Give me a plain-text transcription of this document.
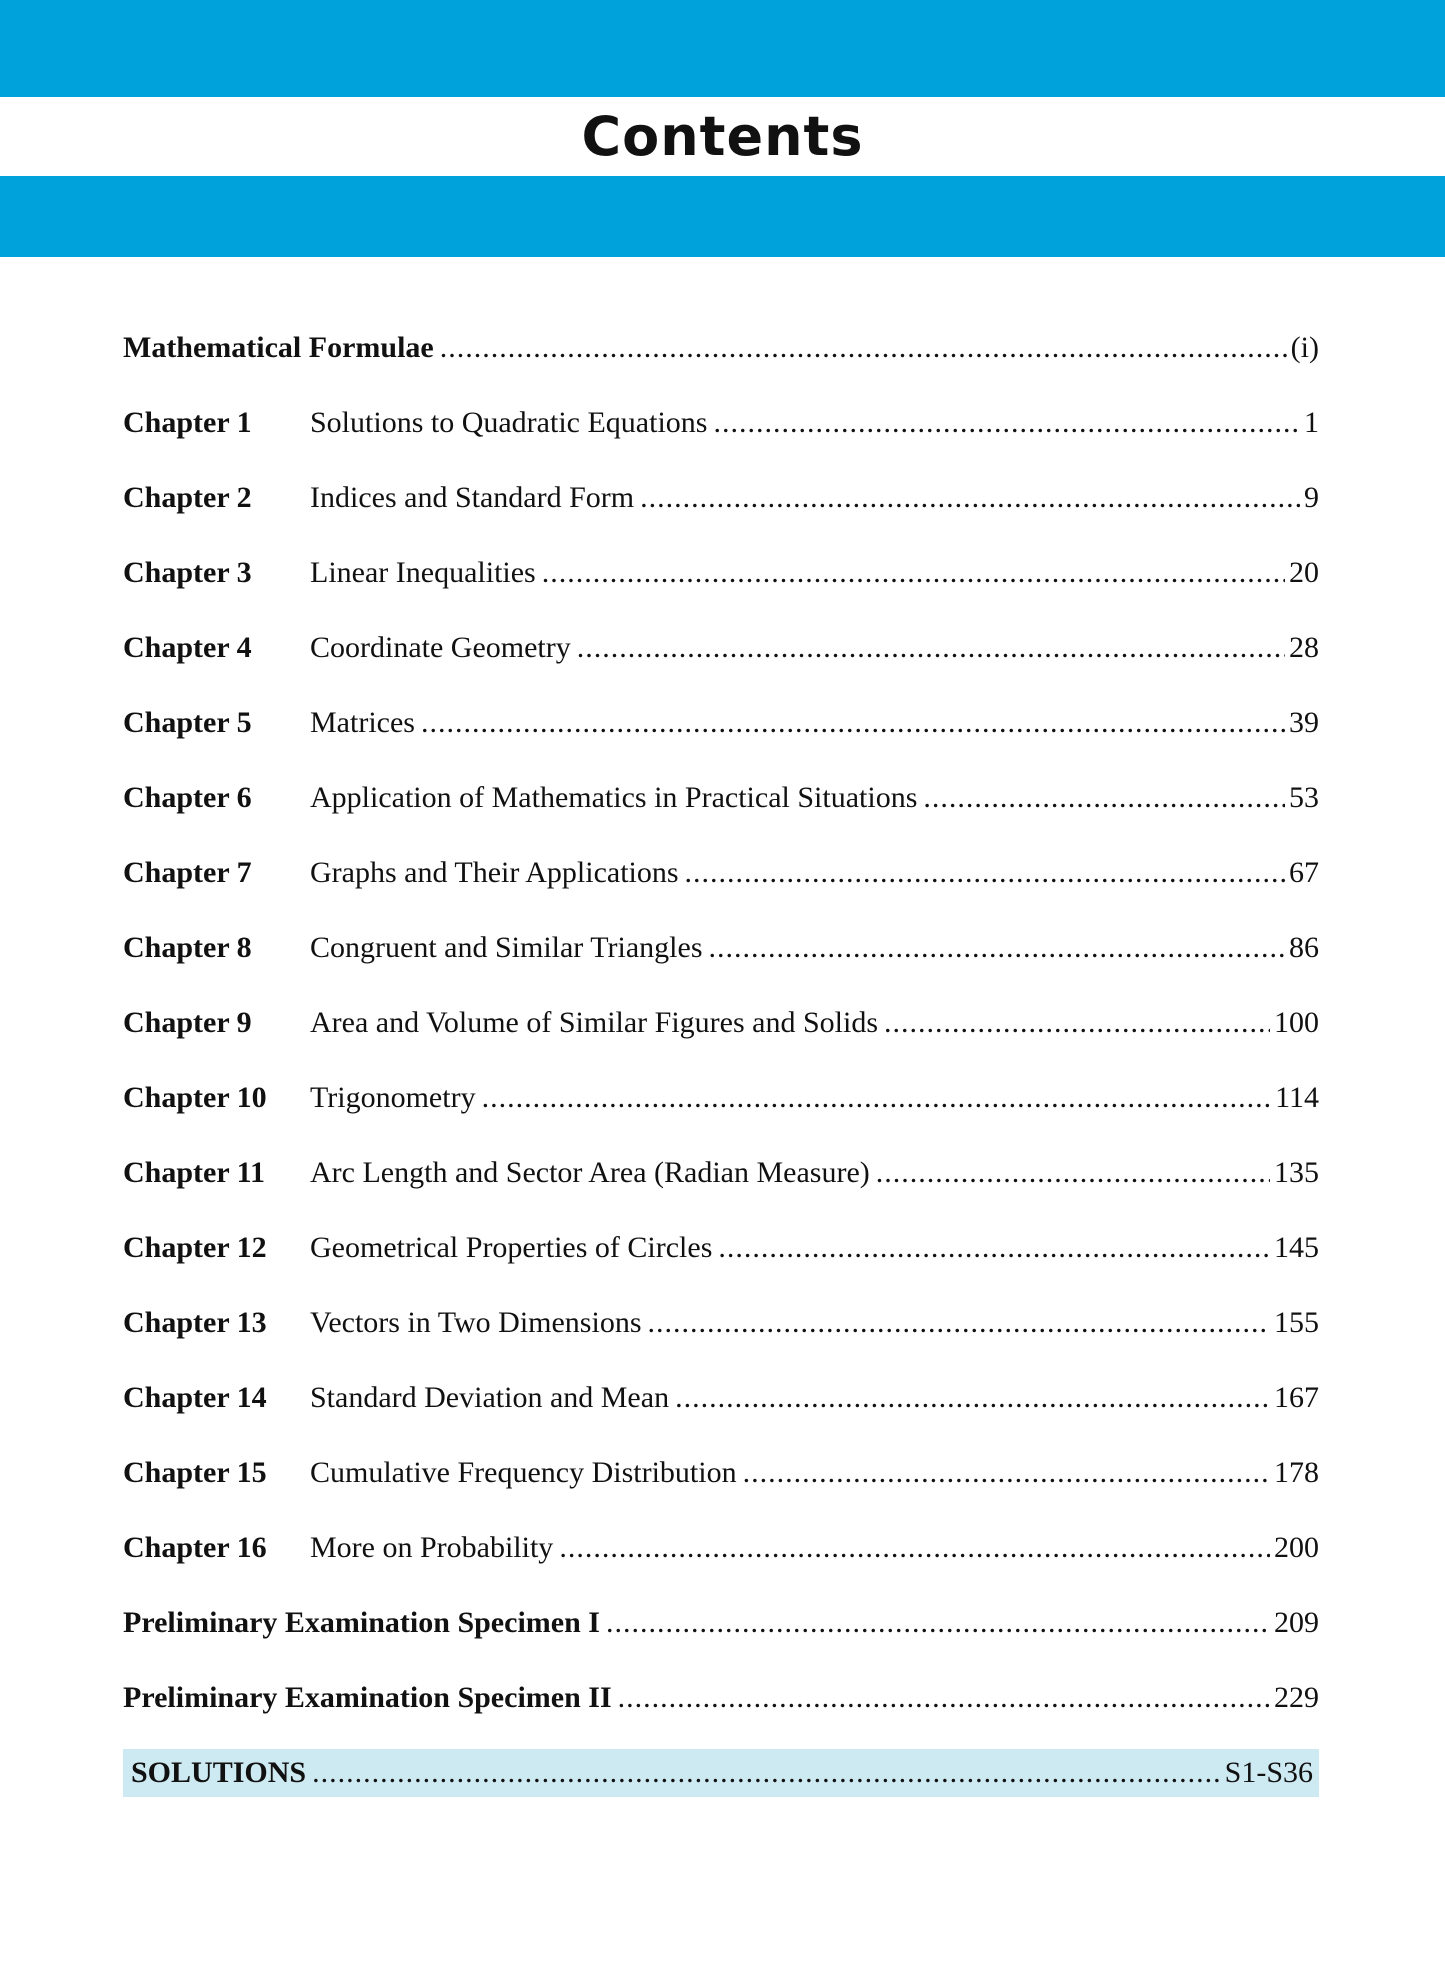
Contents
Mathematical Formulae .....	(i)
Chapter 1	Solutions to Quadratic Equations .....	1
Chapter 2	Indices and Standard Form .....	9
Chapter 3	Linear Inequalities .....	20
Chapter 4	Coordinate Geometry .....	28
Chapter 5	Matrices .....	39
Chapter 6	Application of Mathematics in Practical Situations .....	53
Chapter 7	Graphs and Their Applications .....	67
Chapter 8	Congruent and Similar Triangles .....	86
Chapter 9	Area and Volume of Similar Figures and Solids .....	100
Chapter 10	Trigonometry .....	114
Chapter 11	Arc Length and Sector Area (Radian Measure) .....	135
Chapter 12	Geometrical Properties of Circles .....	145
Chapter 13	Vectors in Two Dimensions .....	155
Chapter 14	Standard Deviation and Mean .....	167
Chapter 15	Cumulative Frequency Distribution .....	178
Chapter 16	More on Probability .....	200
Preliminary Examination Specimen I .....	209
Preliminary Examination Specimen II .....	229
SOLUTIONS .....	S1-S36
